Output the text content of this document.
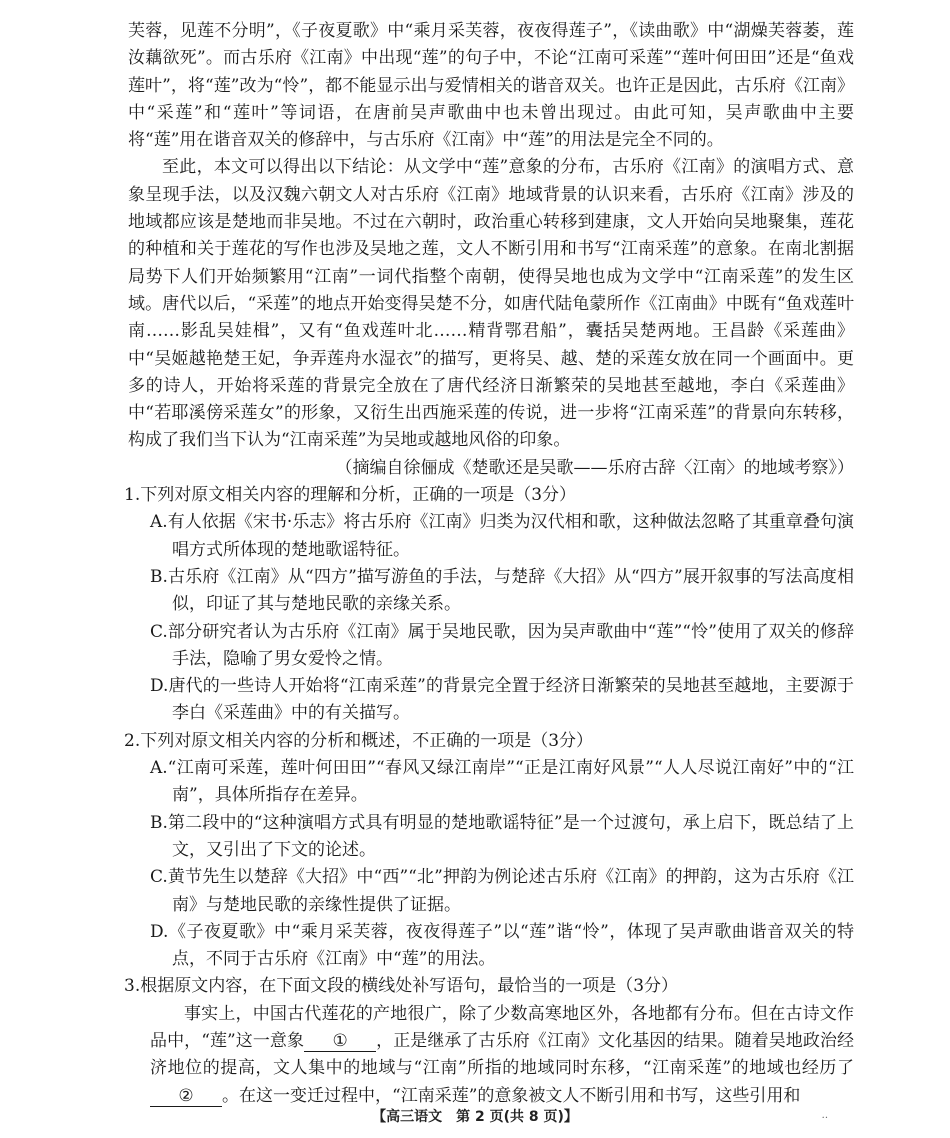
芙蓉，见莲不分明”，《子夜夏歌》中“乘月采芙蓉，夜夜得莲子”，《读曲歌》中“湖燥芙蓉萎，莲汝藕欲死”。而古乐府《江南》中出现“莲”的句子中，不论“江南可采莲”“莲叶何田田”还是“鱼戏莲叶”，将“莲”改为“怜”，都不能显示出与爱情相关的谐音双关。也许正是因此，古乐府《江南》中“采莲”和“莲叶”等词语，在唐前吴声歌曲中也未曾出现过。由此可知，吴声歌曲中主要将“莲”用在谐音双关的修辞中，与古乐府《江南》中“莲”的用法是完全不同的。

至此，本文可以得出以下结论：从文学中“莲”意象的分布，古乐府《江南》的演唱方式、意象呈现手法，以及汉魏六朝文人对古乐府《江南》地域背景的认识来看，古乐府《江南》涉及的地域都应该是楚地而非吴地。不过在六朝时，政治重心转移到建康，文人开始向吴地聚集，莲花的种植和关于莲花的写作也涉及吴地之莲，文人不断引用和书写“江南采莲”的意象。在南北割据局势下人们开始频繁用“江南”一词代指整个南朝，使得吴地也成为文学中“江南采莲”的发生区域。唐代以后，“采莲”的地点开始变得吴楚不分，如唐代陆龟蒙所作《江南曲》中既有“鱼戏莲叶南……影乱吴娃楫”，又有“鱼戏莲叶北……精背鄂君船”，囊括吴楚两地。王昌龄《采莲曲》中“吴姬越艳楚王妃，争弄莲舟水湿衣”的描写，更将吴、越、楚的采莲女放在同一个画面中。更多的诗人，开始将采莲的背景完全放在了唐代经济日渐繁荣的吴地甚至越地，李白《采莲曲》中“若耶溪傍采莲女”的形象，又衍生出西施采莲的传说，进一步将“江南采莲”的背景向东转移，构成了我们当下认为“江南采莲”为吴地或越地风俗的印象。

（摘编自徐俪成《楚歌还是吴歌——乐府古辞〈江南〉的地域考察》）

1.下列对原文相关内容的理解和分析，正确的一项是（3分）

A.有人依据《宋书·乐志》将古乐府《江南》归类为汉代相和歌，这种做法忽略了其重章叠句演唱方式所体现的楚地歌谣特征。

B.古乐府《江南》从“四方”描写游鱼的手法，与楚辞《大招》从“四方”展开叙事的写法高度相似，印证了其与楚地民歌的亲缘关系。

C.部分研究者认为古乐府《江南》属于吴地民歌，因为吴声歌曲中“莲”“怜”使用了双关的修辞手法，隐喻了男女爱怜之情。

D.唐代的一些诗人开始将“江南采莲”的背景完全置于经济日渐繁荣的吴地甚至越地，主要源于李白《采莲曲》中的有关描写。

2.下列对原文相关内容的分析和概述，不正确的一项是（3分）

A.“江南可采莲，莲叶何田田”“春风又绿江南岸”“正是江南好风景”“人人尽说江南好”中的“江南”，具体所指存在差异。

B.第二段中的“这种演唱方式具有明显的楚地歌谣特征”是一个过渡句，承上启下，既总结了上文，又引出了下文的论述。

C.黄节先生以楚辞《大招》中“西”“北”押韵为例论述古乐府《江南》的押韵，这为古乐府《江南》与楚地民歌的亲缘性提供了证据。

D.《子夜夏歌》中“乘月采芙蓉，夜夜得莲子”以“莲”谐“怜”，体现了吴声歌曲谐音双关的特点，不同于古乐府《江南》中“莲”的用法。

3.根据原文内容，在下面文段的横线处补写语句，最恰当的一项是（3分）

事实上，中国古代莲花的产地很广，除了少数高寒地区外，各地都有分布。但在古诗文作品中，“莲”这一意象 ① ，正是继承了古乐府《江南》文化基因的结果。随着吴地政治经济地位的提高，文人集中的地域与“江南”所指的地域同时东移，“江南采莲”的地域也经历了② 。在这一变迁过程中，“江南采莲”的意象被文人不断引用和书写，这些引用和

【高三语文　第 2 页(共 8 页)】	··
